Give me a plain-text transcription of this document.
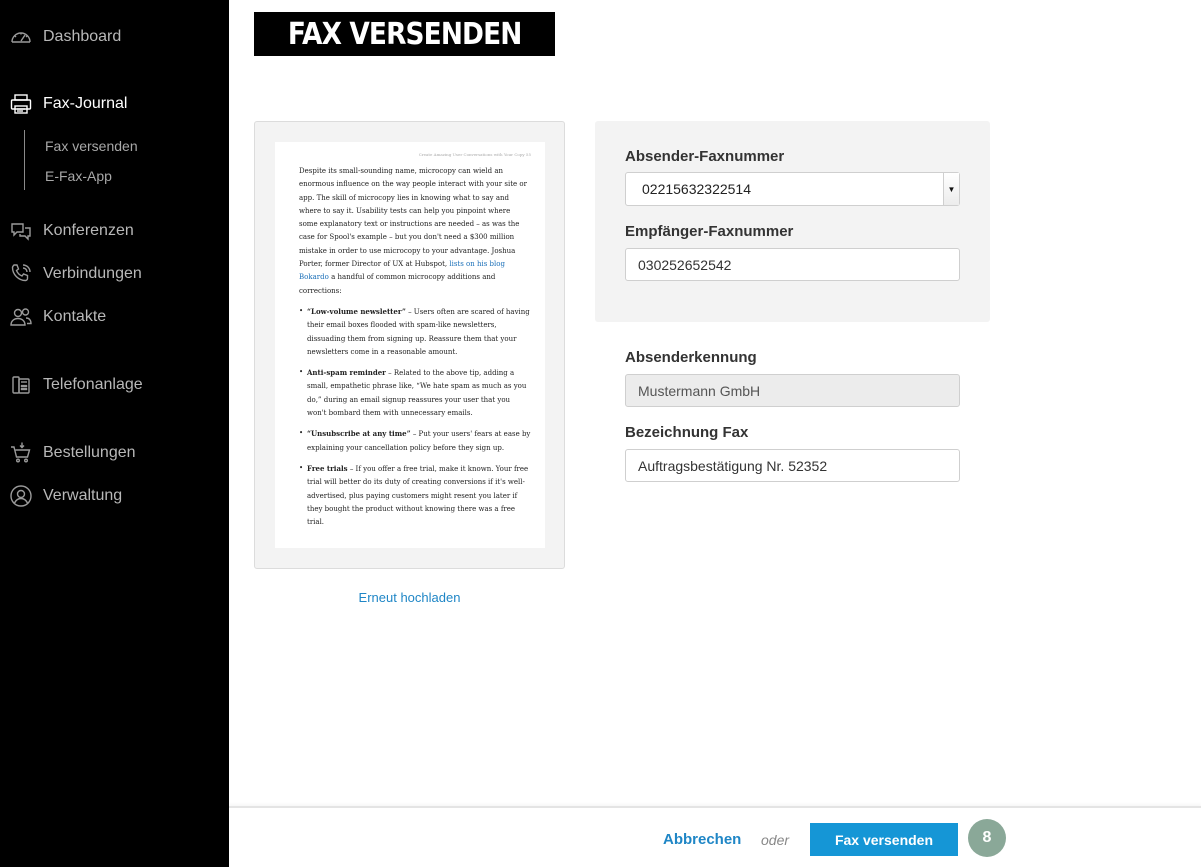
Dashboard
Fax-Journal
Fax versenden
E-Fax-App
Konferenzen
Verbindungen
Kontakte
Telefonanlage
Bestellungen
Verwaltung
FAX VERSENDEN
Create Amazing User Conversations with Your Copy 55

Despite its small-sounding name, microcopy can wield an enormous influence on the way people interact with your site or app. The skill of microcopy lies in knowing what to say and where to say it. Usability tests can help you pinpoint where some explanatory text or instructions are needed – as was the case for Spool's example – but you don't need a $300 million mistake in order to use microcopy to your advantage. Joshua Porter, former Director of UX at Hubspot, lists on his blog Bokardo a handful of common microcopy additions and corrections:

• “Low-volume newsletter” – Users often are scared of having their email boxes flooded with spam-like newsletters, dissuading them from signing up. Reassure them that your newsletters come in a reasonable amount.

• Anti-spam reminder – Related to the above tip, adding a small, empathetic phrase like, “We hate spam as much as you do,” during an email signup reassures your user that you won't bombard them with unnecessary emails.

• “Unsubscribe at any time” – Put your users' fears at ease by explaining your cancellation policy before they sign up.

• Free trials – If you offer a free trial, make it known. Your free trial will better do its duty of creating conversions if it's well-advertised, plus paying customers might resent you later if they bought the product without knowing there was a free trial.

Erneut hochladen
Absender-Faxnummer
02215632322514	▼
Empfänger-Faxnummer
030252652542
Absenderkennung
Mustermann GmbH
Bezeichnung Fax
Auftragsbestätigung Nr. 52352
Abbrechen oder	Fax versenden	8
